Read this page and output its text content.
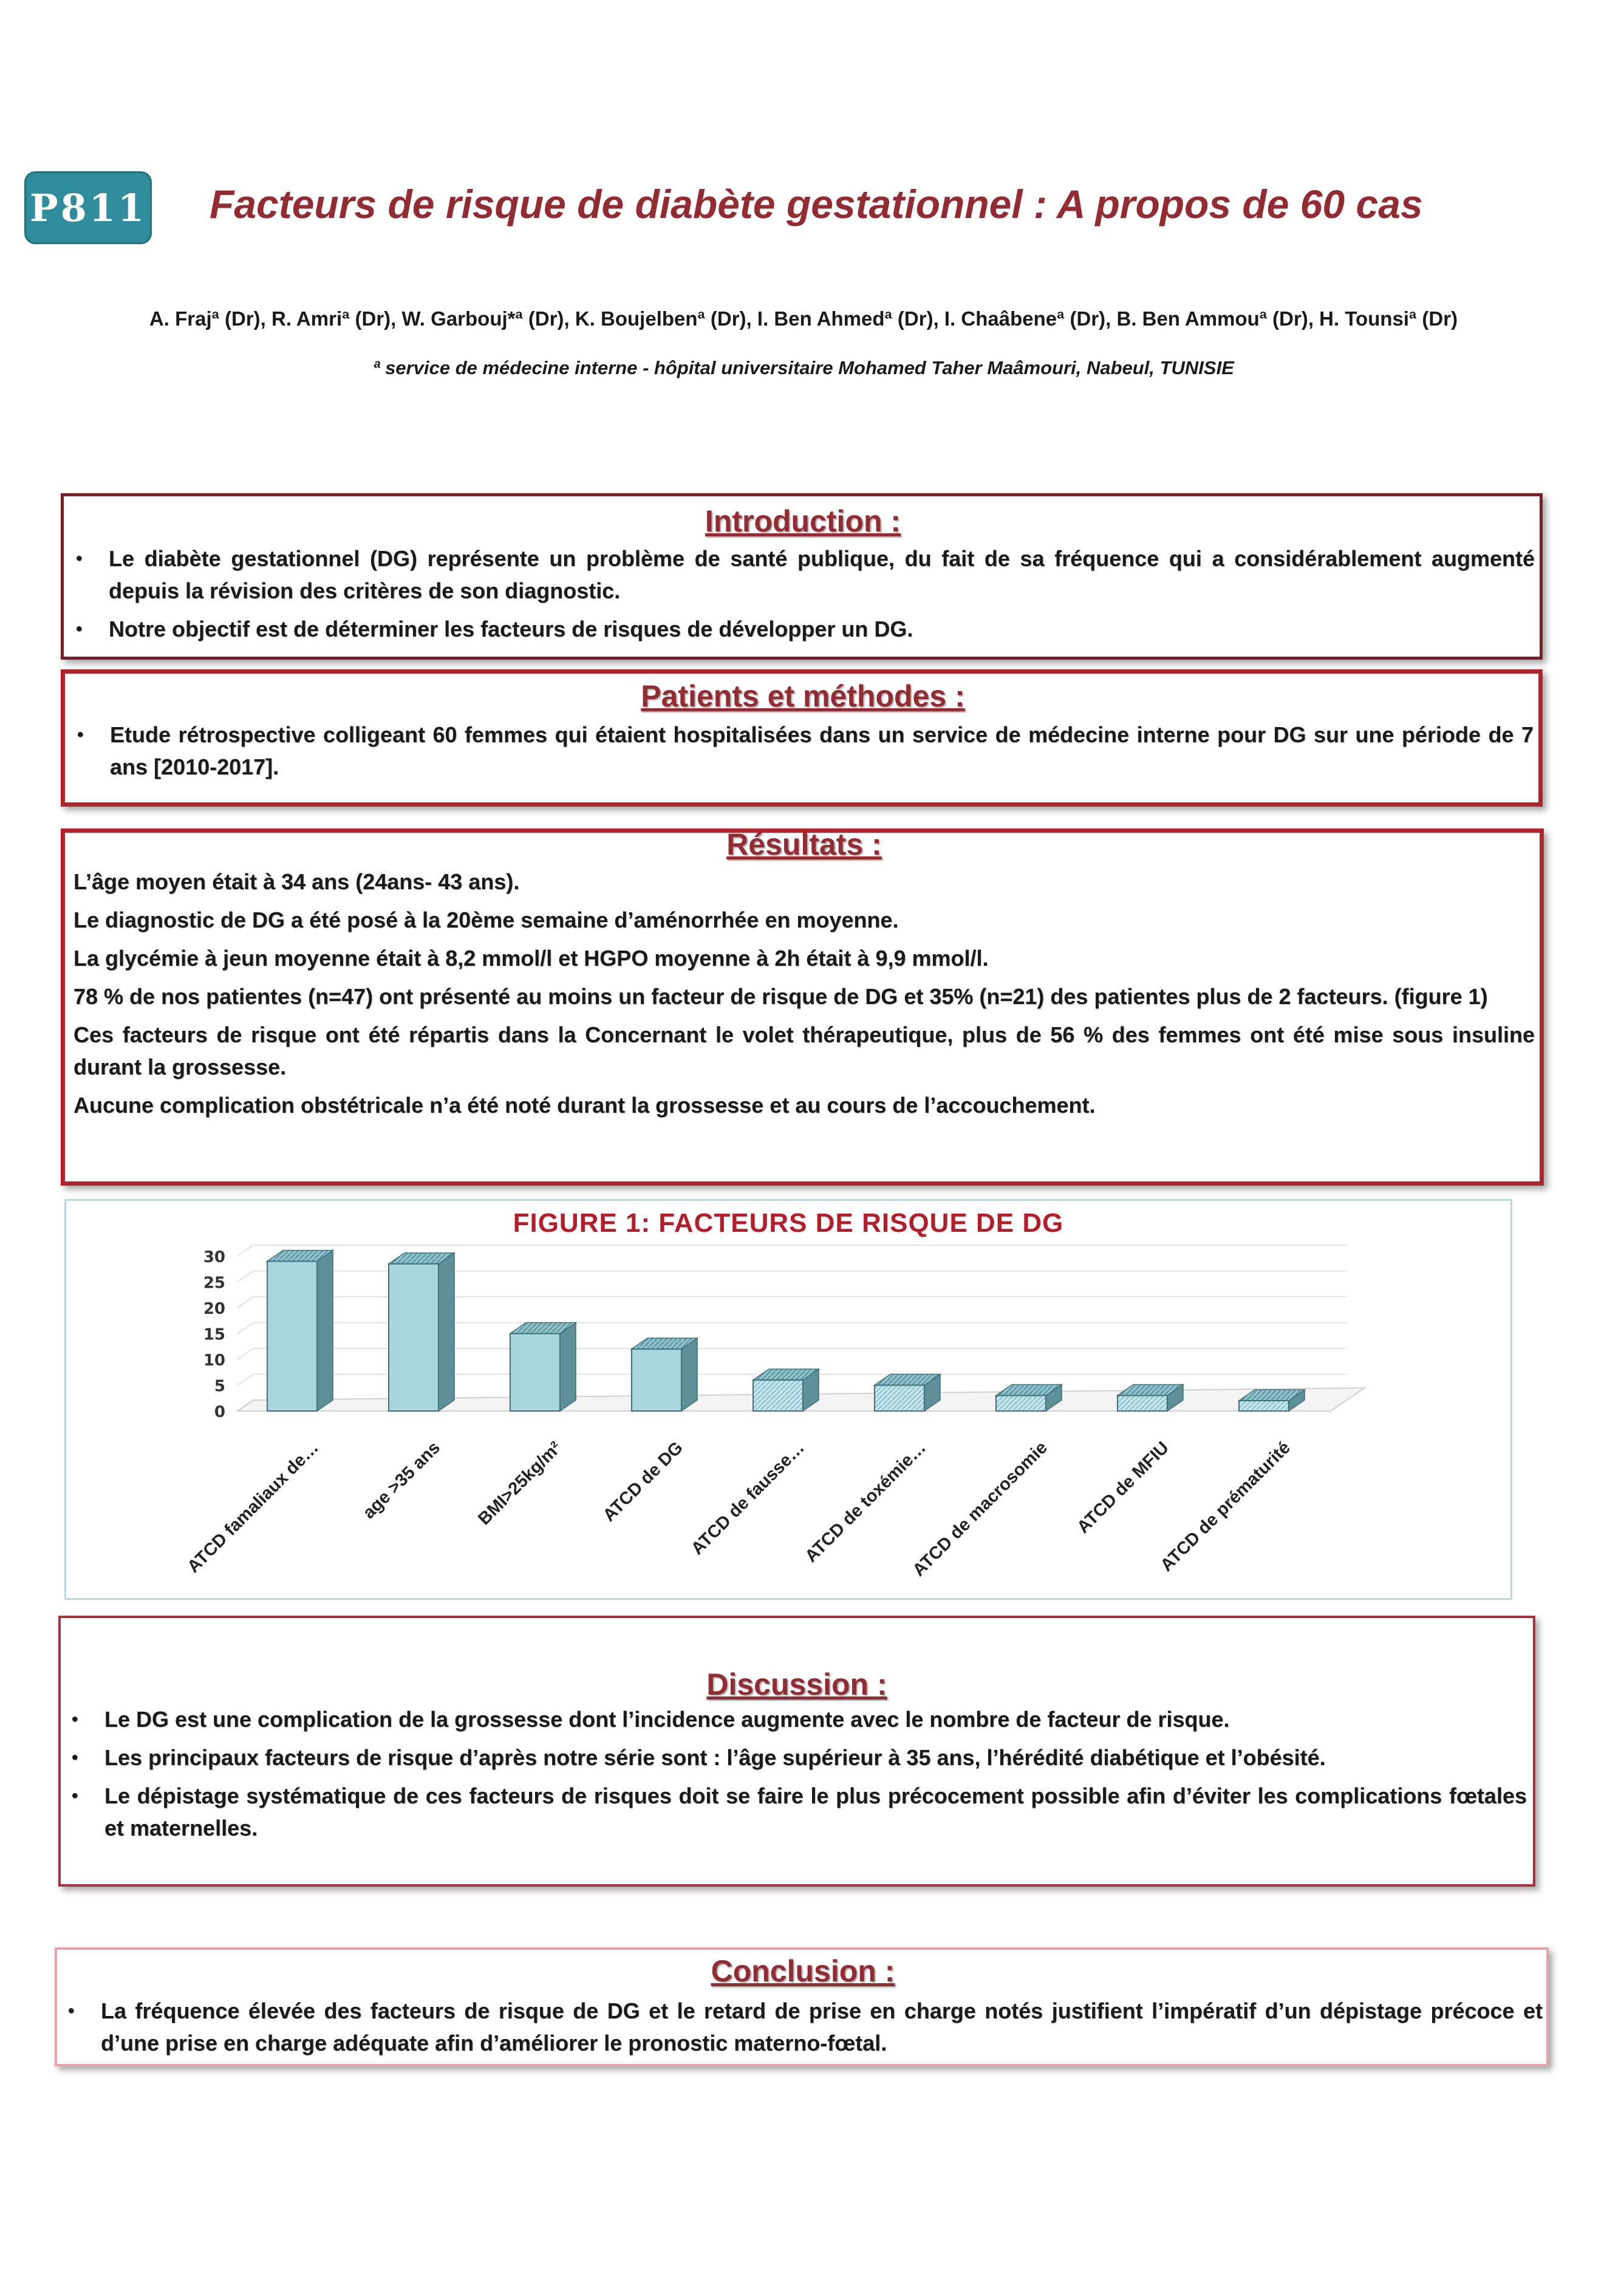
P811 Facteurs de risque de diabète gestationnel : A propos de 60 cas
A. Frajª (Dr), R. Amriª (Dr), W. Garbouj*ª (Dr), K. Boujelbenª (Dr), I. Ben Ahmedª (Dr), I. Chaâbeneª (Dr), B. Ben Ammouª (Dr), H. Tounsiª (Dr)
ª service de médecine interne - hôpital universitaire Mohamed Taher Maâmouri, Nabeul, TUNISIE
Introduction :
• Le diabète gestationnel (DG) représente un problème de santé publique, du fait de sa fréquence qui a considérablement augmenté depuis la révision des critères de son diagnostic.
• Notre objectif est de déterminer les facteurs de risques de développer un DG.
Patients et méthodes :
• Etude rétrospective colligeant 60 femmes qui étaient hospitalisées dans un service de médecine interne pour DG sur une période de 7 ans [2010-2017].
Résultats :

L’âge moyen était à 34 ans (24ans- 43 ans).

Le diagnostic de DG a été posé à la 20ème semaine d’aménorrhée en moyenne.

La glycémie à jeun moyenne était à 8,2 mmol/l et HGPO moyenne à 2h était à 9,9 mmol/l.

78 % de nos patientes (n=47) ont présenté au moins un facteur de risque de DG et 35% (n=21) des patientes plus de 2 facteurs. (figure 1)

Ces facteurs de risque ont été répartis dans la Concernant le volet thérapeutique, plus de 56 % des femmes ont été mise sous insuline durant la grossesse.

Aucune complication obstétricale n’a été noté durant la grossesse et au cours de l’accouchement.

0
5
10
15
20
25
30
ATCD famaliaux de… age >35 ans BMI>25kg/m² ATCD de DG ATCD de fausse…
ATCD de toxémie…
ATCD de macrosomie ATCD de MFIU
ATCD de prématurité
FIGURE 1: FACTEURS DE RISQUE DE DG
Discussion :
• Le DG est une complication de la grossesse dont l’incidence augmente avec le nombre de facteur de risque.
• Les principaux facteurs de risque d’après notre série sont : l’âge supérieur à 35 ans, l’hérédité diabétique et l’obésité.
• Le dépistage systématique de ces facteurs de risques doit se faire le plus précocement possible afin d’éviter les complications fœtales et maternelles.
Conclusion :
• La fréquence élevée des facteurs de risque de DG et le retard de prise en charge notés justifient l’impératif d’un dépistage précoce et d’une prise en charge adéquate afin d’améliorer le pronostic materno-fœtal.
